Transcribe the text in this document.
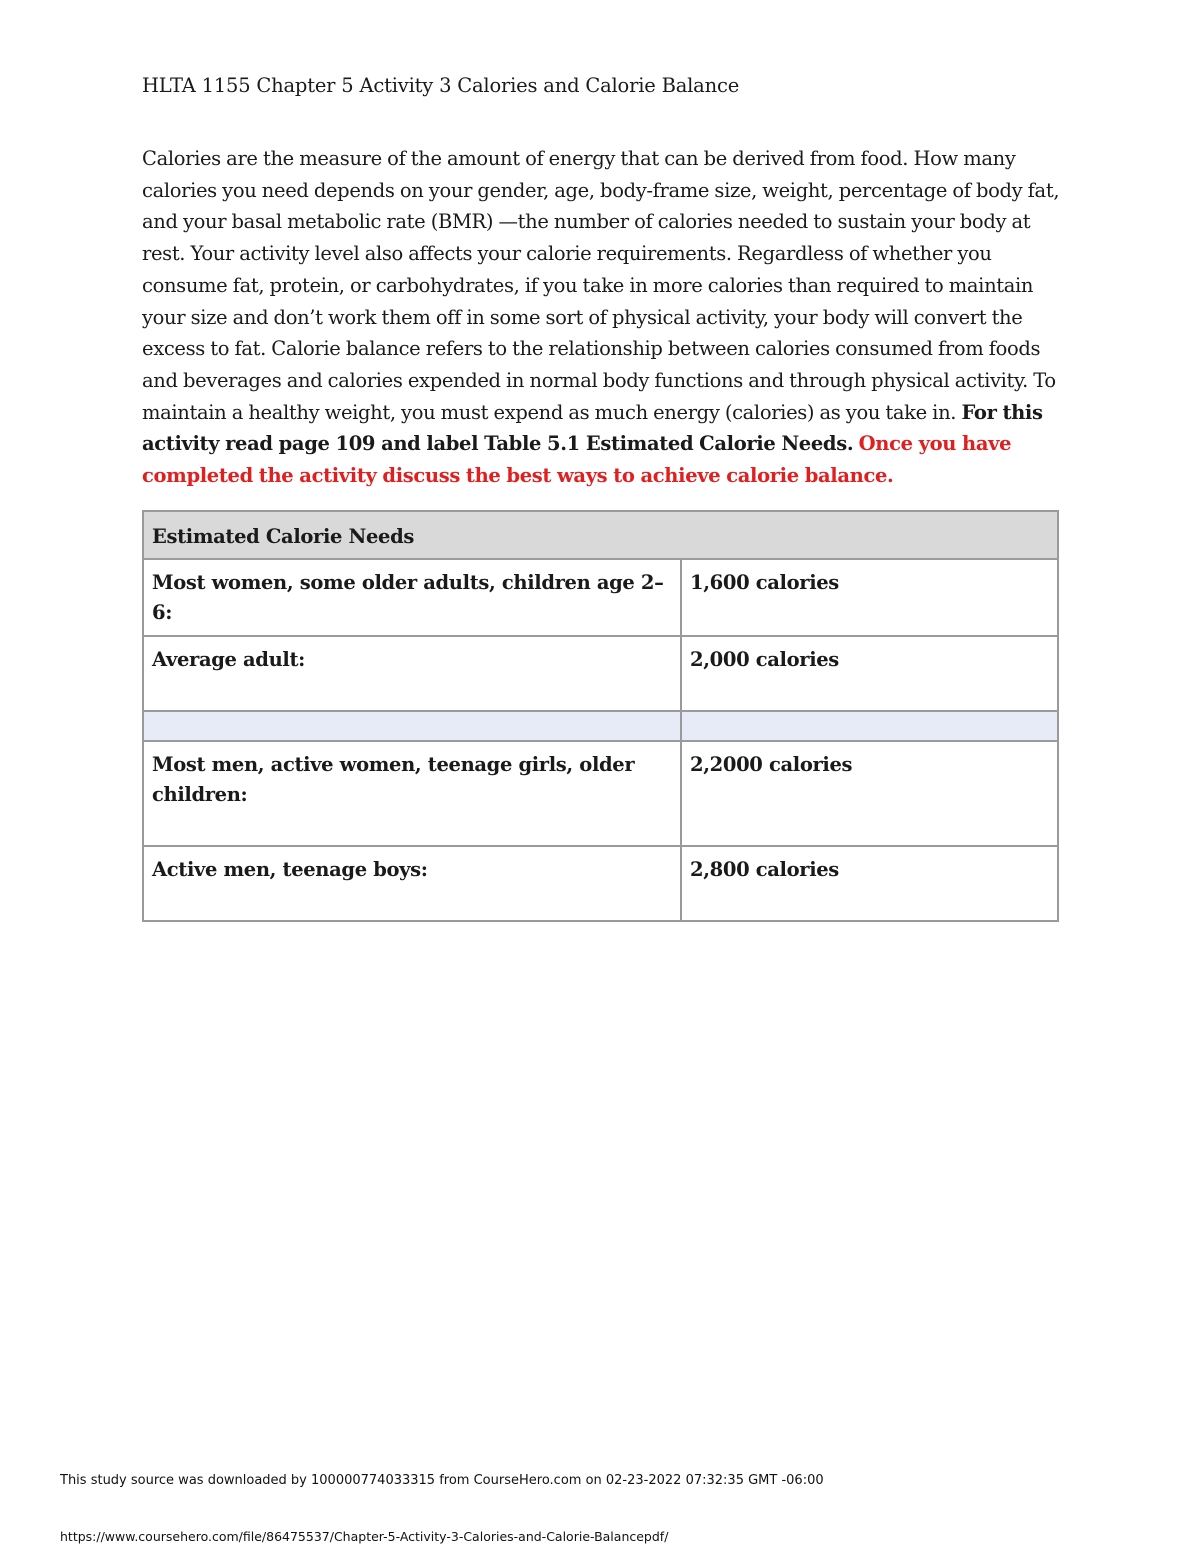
HLTA 1155 Chapter 5 Activity 3 Calories and Calorie Balance
Calories are the measure of the amount of energy that can be derived from food. How many calories you need depends on your gender, age, body-frame size, weight, percentage of body fat, and your basal metabolic rate (BMR) —the number of calories needed to sustain your body at rest. Your activity level also affects your calorie requirements. Regardless of whether you consume fat, protein, or carbohydrates, if you take in more calories than required to maintain your size and don’t work them off in some sort of physical activity, your body will convert the excess to fat. Calorie balance refers to the relationship between calories consumed from foods and beverages and calories expended in normal body functions and through physical activity. To maintain a healthy weight, you must expend as much energy (calories) as you take in. For this activity read page 109 and label Table 5.1 Estimated Calorie Needs. Once you have completed the activity discuss the best ways to achieve calorie balance.
Estimated Calorie Needs	
Most women, some older adults, children age 2–6:	1,600 calories
Average adult:	2,000 calories

Most men, active women, teenage girls, older children:	2,2000 calories
Active men, teenage boys:	2,800 calories
This study source was downloaded by 100000774033315 from CourseHero.com on 02-23-2022 07:32:35 GMT -06:00
https://www.coursehero.com/file/86475537/Chapter-5-Activity-3-Calories-and-Calorie-Balancepdf/
